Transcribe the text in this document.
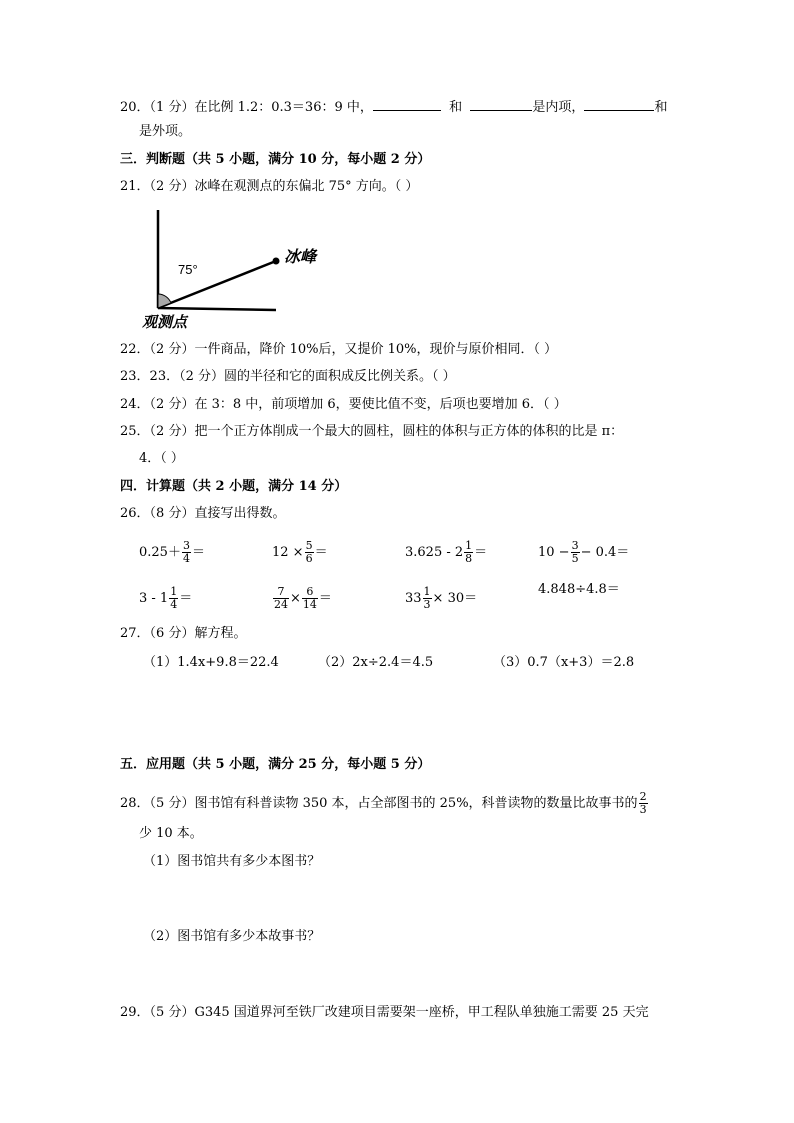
20．（1 分）在比例 1.2：0.3＝36：9 中，	和	是内项，	和
是外项。
三．判断题（共 5 小题，满分 10 分，每小题 2 分）
21．（2 分）冰峰在观测点的东偏北 75° 方向。（ ）
75°
冰峰
观测点
22．（2 分）一件商品，降价 10%后，又提价 10%，现价与原价相同．（ ）
23．23．（2 分）圆的半径和它的面积成反比例关系。（ ）
24．（2 分）在 3：8 中，前项增加 6，要使比值不变，后项也要增加 6．（ ）
25．（2 分）把一个正方体削成一个最大的圆柱，圆柱的体积与正方体的体积的比是 π：
4．（ ）
四．计算题（共 2 小题，满分 14 分）
26．（8 分）直接写出得数。
$0.25+ \frac{3}{4}$ ＝	$12 \times \frac{5}{6}$ ＝	$3.625 - 2 \frac{1}{8}$ ＝	$10 - \frac{3}{5} - 0.4=$
$3 - 1 \frac{1}{4}$ ＝	$\frac{7}{24} \times \frac{6}{14}$ ＝	$33 \frac{1}{3} \times 30=$
4.848÷4.8＝
27．（6 分）解方程。
（1）1.4x+9.8＝22.4	（2）2x÷2.4＝4.5	（3）0.7（x+3）＝2.8
五．应用题（共 5 小题，满分 25 分，每小题 5 分）
28．（5 分）图书馆有科普读物 350 本，占全部图书的 25%，科普读物的数量比故事书的 $\frac{2}{3}$
少 10 本。
（1）图书馆共有多少本图书？
（2）图书馆有多少本故事书？
29．（5 分）G345 国道界河至铁厂改建项目需要架一座桥，甲工程队单独施工需要 25 天完
